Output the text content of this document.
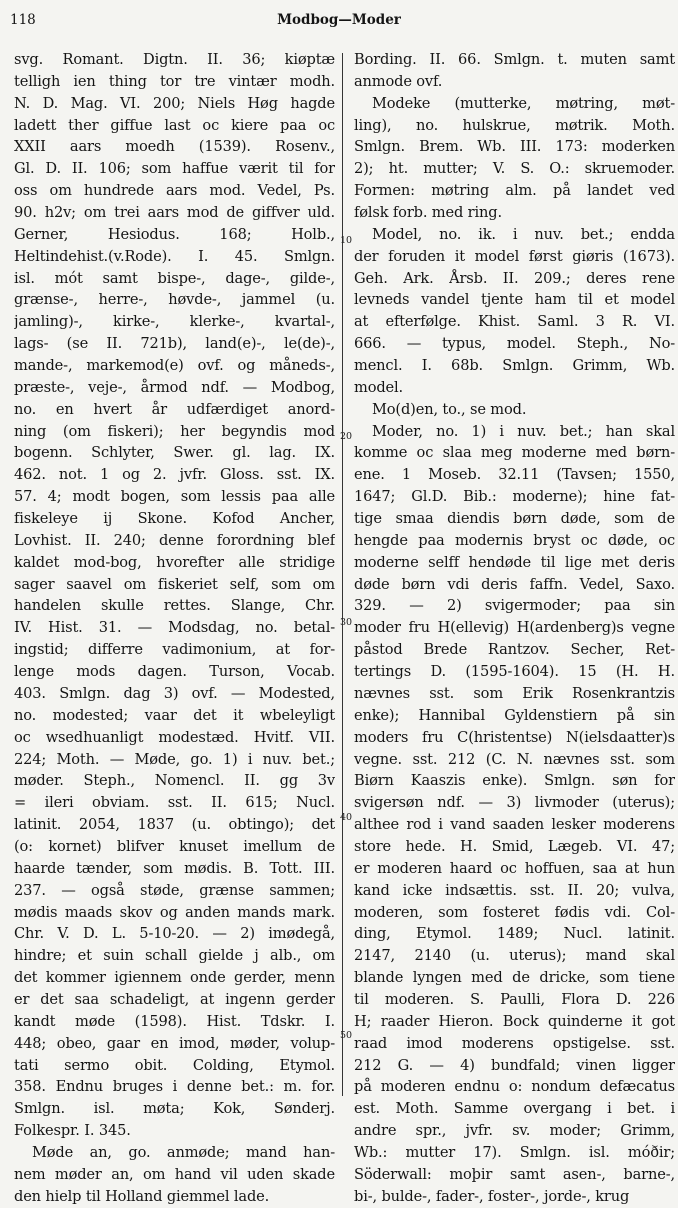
118	Modbog—Moder
10
20
30
40
50
svg. Romant. Digtn. II. 36; kiøptæ
telligh ien thing tor tre vintær modh.
N. D. Mag. VI. 200; Niels Høg hagde
ladett ther giffue last oc kiere paa oc
XXII aars moedh (1539). Rosenv.,
Gl. D. II. 106; som haffue værit til for
oss om hundrede aars mod. Vedel, Ps.
90. h2v; om trei aars mod de giffver uld.
Gerner, Hesiodus. 168; Holb.,
Heltindehist.(v.Rode). I. 45. Smlgn.
isl. mót samt bispe-, dage-, gilde-,
grænse-, herre-, høvde-, jammel (u.
jamling)-, kirke-, klerke-, kvartal-,
lags- (se II. 721b), land(e)-, le(de)-,
mande-, markemod(e) ovf. og måneds-,
præste-, veje-, årmod ndf. — Modbog,
no. en hvert år udfærdiget anord-
ning (om fiskeri); her begyndis mod
bogenn. Schlyter, Swer. gl. lag. IX.
462. not. 1 og 2. jvfr. Gloss. sst. IX.
57. 4; modt bogen, som lessis paa alle
fiskeleye ij Skone. Kofod Ancher,
Lovhist. II. 240; denne forordning blef
kaldet mod-bog, hvorefter alle stridige
sager saavel om fiskeriet self, som om
handelen skulle rettes. Slange, Chr.
IV. Hist. 31. — Modsdag, no. betal-
ingstid; differre vadimonium, at for-
lenge mods dagen. Turson, Vocab.
403. Smlgn. dag 3) ovf. — Modested,
no. modested; vaar det it wbeleyligt
oc wsedhuanligt modestæd. Hvitf. VII.
224; Moth. — Møde, go. 1) i nuv. bet.;
møder. Steph., Nomencl. II. gg 3v
= ileri obviam. sst. II. 615; Nucl.
latinit. 2054, 1837 (u. obtingo); det
(o: kornet) blifver knuset imellum de
haarde tænder, som mødis. B. Tott. III.
237. — også støde, grænse sammen;
mødis maads skov og anden mands mark.
Chr. V. D. L. 5-10-20. — 2) imødegå,
hindre; et suin schall gielde j alb., om
det kommer igiennem onde gerder, menn
er det saa schadeligt, at ingenn gerder
kandt møde (1598). Hist. Tdskr. I.
448; obeo, gaar en imod, møder, volup-
tati sermo obit. Colding, Etymol.
358. Endnu bruges i denne bet.: m. for.
Smlgn. isl. møta; Kok, Sønderj.
Folkespr. I. 345.
Møde an, go. anmøde; mand han-
nem møder an, om hand vil uden skade
den hielp til Holland giemmel lade.
Bording. II. 66. Smlgn. t. muten samt
anmode ovf.
Modeke (mutterke, møtring, møt-
ling), no. hulskrue, møtrik. Moth.
Smlgn. Brem. Wb. III. 173: moderken
2); ht. mutter; V. S. O.: skruemoder.
Formen: møtring alm. på landet ved
følsk forb. med ring.
Model, no. ik. i nuv. bet.; endda
der foruden it model først giøris (1673).
Geh. Ark. Årsb. II. 209.; deres rene
levneds vandel tjente ham til et model
at efterfølge. Khist. Saml. 3 R. VI.
666. — typus, model. Steph., No-
mencl. I. 68b. Smlgn. Grimm, Wb.
model.
Mo(d)en, to., se mod.
Moder, no. 1) i nuv. bet.; han skal
komme oc slaa meg moderne med børn-
ene. 1 Moseb. 32.11 (Tavsen; 1550,
1647; Gl.D. Bib.: moderne); hine fat-
tige smaa diendis børn døde, som de
hengde paa modernis bryst oc døde, oc
moderne selff hendøde til lige met deris
døde børn vdi deris faffn. Vedel, Saxo.
329. — 2) svigermoder; paa sin
moder fru H(ellevig) H(ardenberg)s vegne
påstod Brede Rantzov. Secher, Ret-
tertings D. (1595-1604). 15 (H. H.
nævnes sst. som Erik Rosenkrantzis
enke); Hannibal Gyldenstiern på sin
moders fru C(hristentse) N(ielsdaatter)s
vegne. sst. 212 (C. N. nævnes sst. som
Biørn Kaaszis enke). Smlgn. søn for
svigersøn ndf. — 3) livmoder (uterus);
althee rod i vand saaden lesker moderens
store hede. H. Smid, Lægeb. VI. 47;
er moderen haard oc hoffuen, saa at hun
kand icke indsættis. sst. II. 20; vulva,
moderen, som fosteret fødis vdi. Col-
ding, Etymol. 1489; Nucl. latinit.
2147, 2140 (u. uterus); mand skal
blande lyngen med de dricke, som tiene
til moderen. S. Paulli, Flora D. 226
H; raader Hieron. Bock quinderne it got
raad imod moderens opstigelse. sst.
212 G. — 4) bundfald; vinen ligger
på moderen endnu o: nondum defæcatus
est. Moth. Samme overgang i bet. i
andre spr., jvfr. sv. moder; Grimm,
Wb.: mutter 17). Smlgn. isl. móðir;
Söderwall: moþir samt asen-, barne-,
bi-, bulde-, fader-, foster-, jorde-, krug
